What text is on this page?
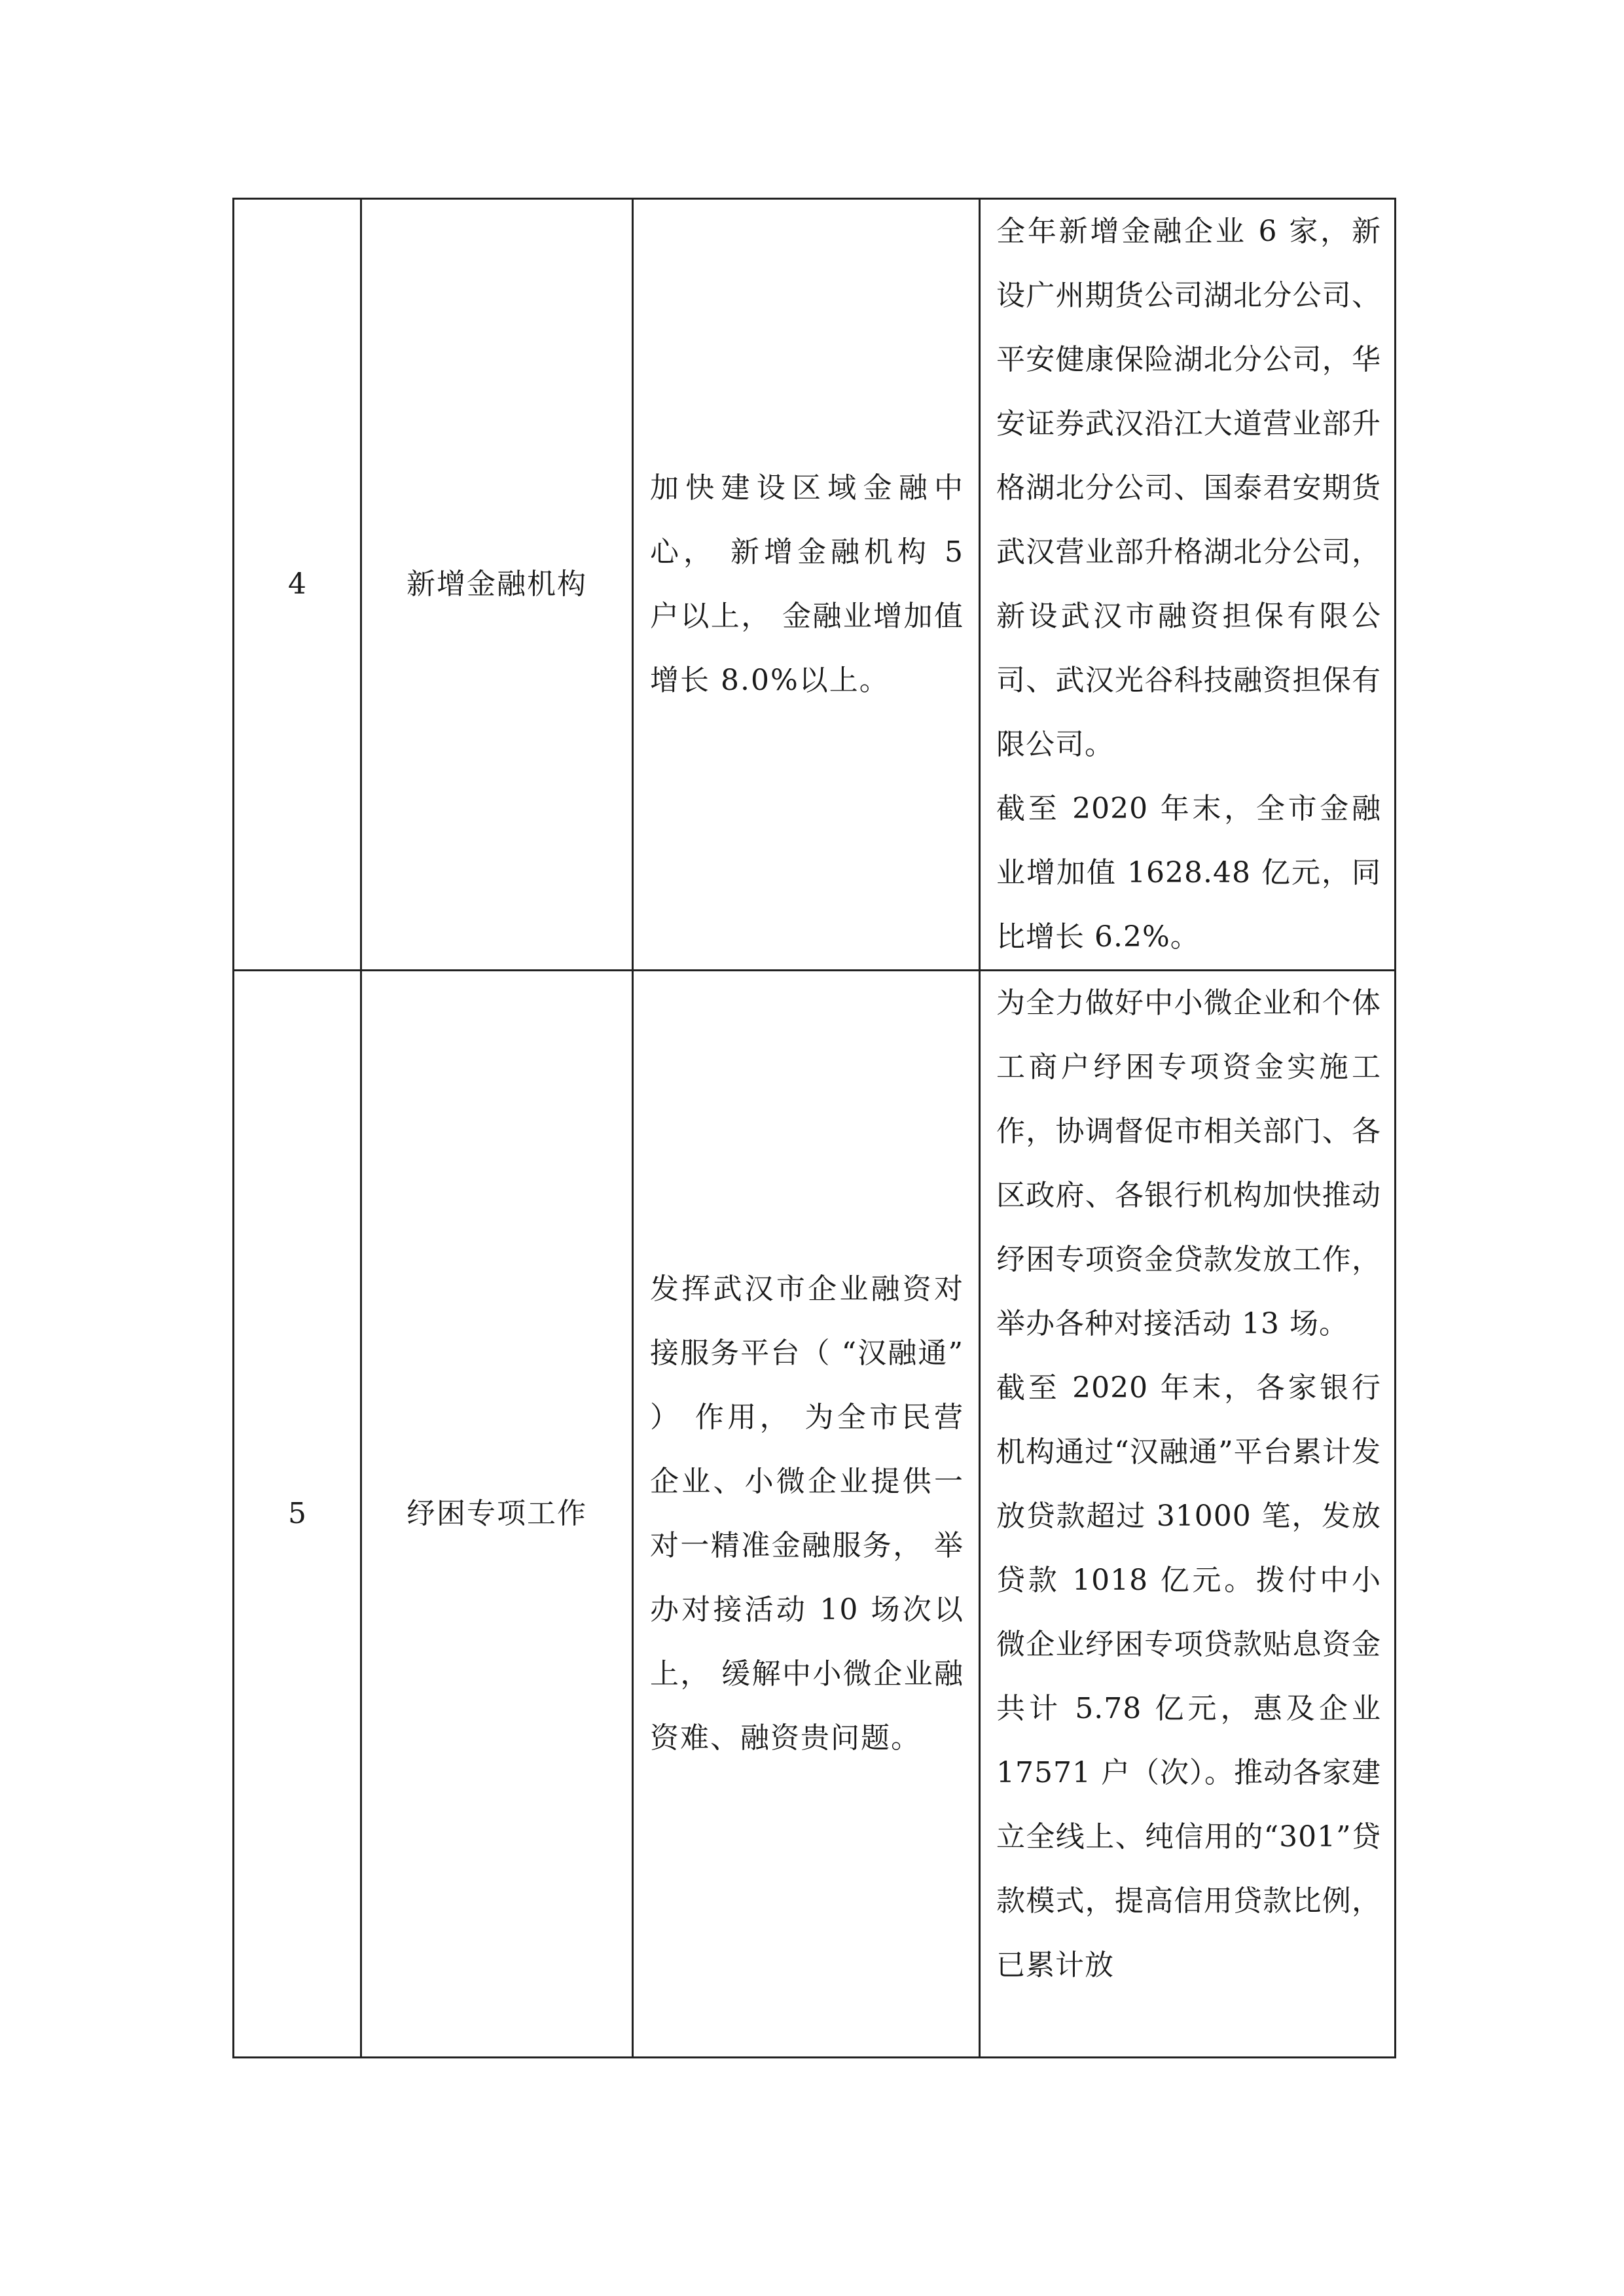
4	新增金融机构	加快建设区域金融中心， 新增金融机构 5 户以上， 金融业增加值增长 8.0%以上。	全年新增金融企业 6 家，新设广州期货公司湖北分公司、平安健康保险湖北分公司，华安证券武汉沿江大道营业部升格湖北分公司、国泰君安期货武汉营业部升格湖北分公司，新设武汉市融资担保有限公司、武汉光谷科技融资担保有限公司。
截至 2020 年末，全市金融业增加值 1628.48 亿元，同比增长 6.2%。

5	纾困专项工作	发挥武汉市企业融资对接服务平台（ “汉融通” ） 作用， 为全市民营企业、小微企业提供一对一精准金融服务， 举办对接活动 10 场次以上， 缓解中小微企业融资难、融资贵问题。	为全力做好中小微企业和个体工商户纾困专项资金实施工作，协调督促市相关部门、各区政府、各银行机构加快推动纾困专项资金贷款发放工作，举办各种对接活动 13 场。
截至 2020 年末，各家银行机构通过“汉融通”平台累计发放贷款超过 31000 笔，发放贷款 1018 亿元。拨付中小微企业纾困专项贷款贴息资金共计 5.78 亿元，惠及企业 17571 户（次）。推动各家建立全线上、纯信用的“301”贷款模式，提高信用贷款比例，已累计放
